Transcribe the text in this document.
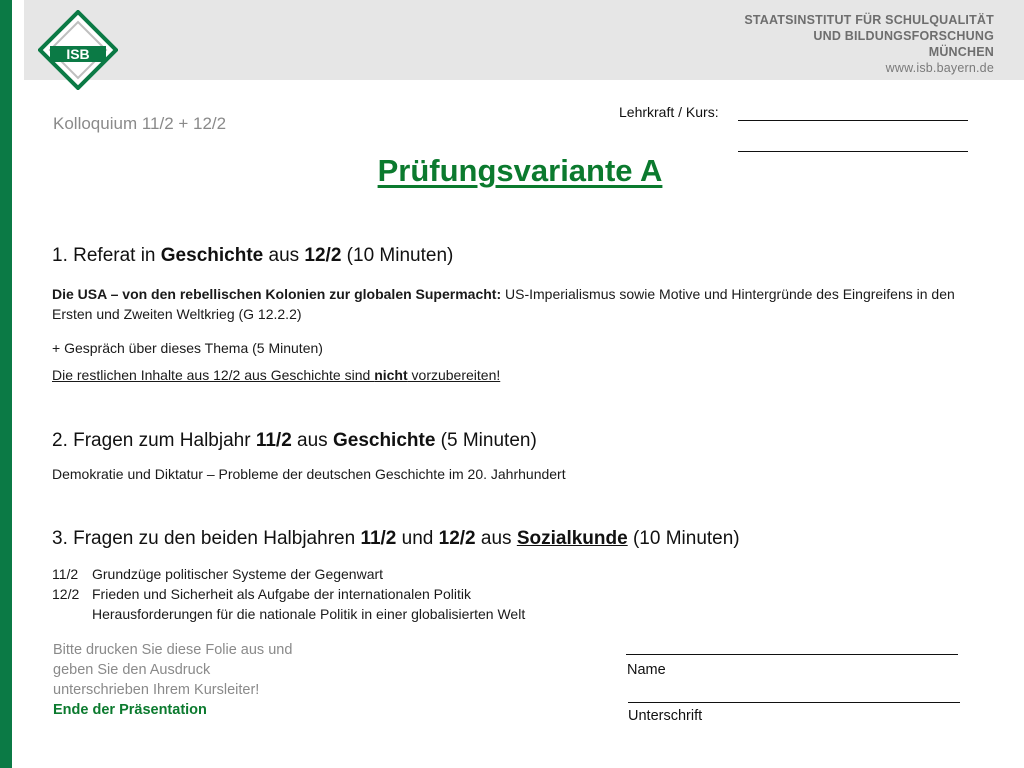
ISB
STAATSINSTITUT FÜR SCHULQUALITÄT
UND BILDUNGSFORSCHUNG
MÜNCHEN
www.isb.bayern.de
Kolloquium 11/2 + 12/2
Lehrkraft / Kurs:
Prüfungsvariante A
1. Referat in Geschichte aus 12/2 (10 Minuten)
Die USA – von den rebellischen Kolonien zur globalen Supermacht: US-Imperialismus sowie Motive und Hintergründe des Eingreifens in den Ersten und Zweiten Weltkrieg (G 12.2.2)
+ Gespräch über dieses Thema (5 Minuten)
Die restlichen Inhalte aus 12/2 aus Geschichte sind nicht vorzubereiten!
2. Fragen zum Halbjahr 11/2 aus Geschichte (5 Minuten)
Demokratie und Diktatur – Probleme der deutschen Geschichte im 20. Jahrhundert
3. Fragen zu den beiden Halbjahren 11/2 und 12/2 aus Sozialkunde (10 Minuten)
11/2 Grundzüge politischer Systeme der Gegenwart
12/2 Frieden und Sicherheit als Aufgabe der internationalen Politik
Herausforderungen für die nationale Politik in einer globalisierten Welt
Bitte drucken Sie diese Folie aus und
geben Sie den Ausdruck
unterschrieben Ihrem Kursleiter!
Ende der Präsentation
Name
Unterschrift
